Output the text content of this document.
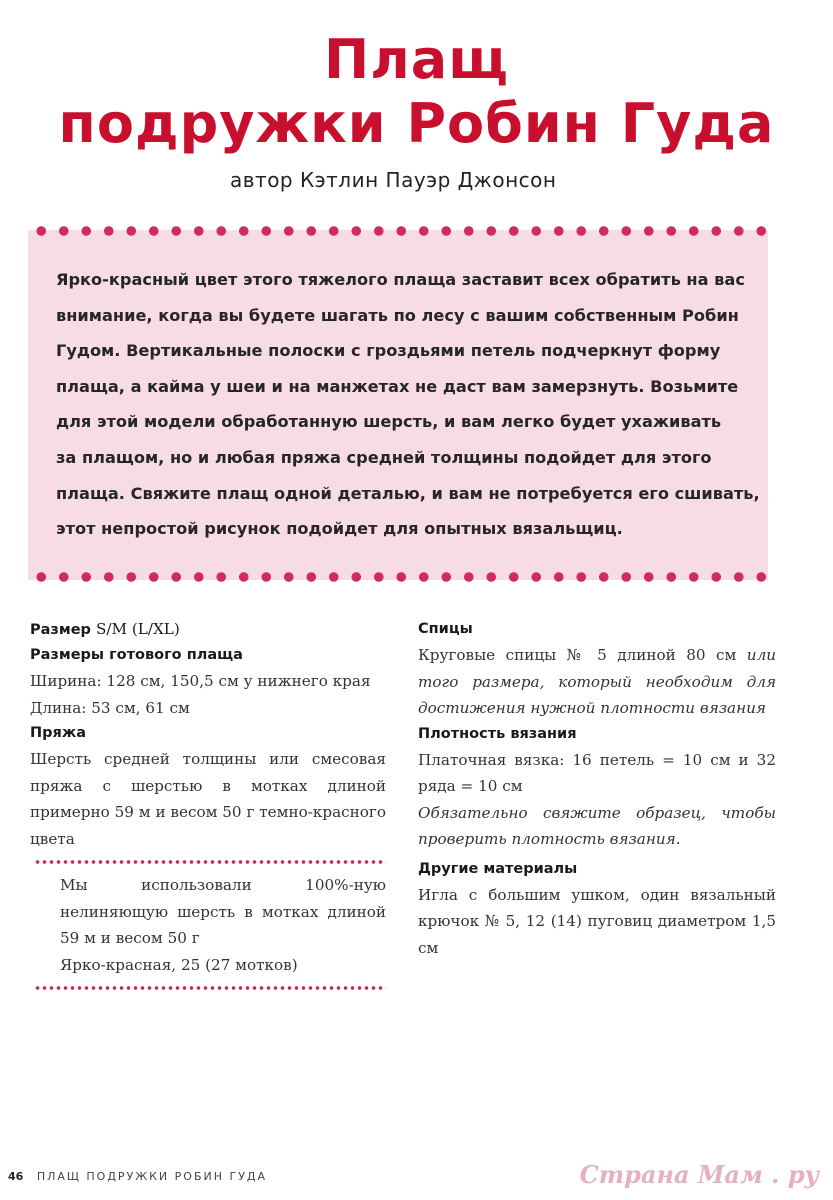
Плащ
подружки Робин Гуда
автор Кэтлин Пауэр Джонсон
Ярко-красный цвет этого тяжелого плаща заставит всех обратить на вас
внимание, когда вы будете шагать по лесу с вашим собственным Робин
Гудом. Вертикальные полоски с гроздьями петель подчеркнут форму
плаща, а кайма у шеи и на манжетах не даст вам замерзнуть. Возьмите
для этой модели обработанную шерсть, и вам легко будет ухаживать
за плащом, но и любая пряжа средней толщины подойдет для этого
плаща. Свяжите плащ одной деталью, и вам не потребуется его сшивать,
этот непростой рисунок подойдет для опытных вязальщиц.
Размер S/M (L/XL)
Размеры готового плаща
Ширина: 128 см, 150,5 см у нижнего края
Длина: 53 см, 61 см
Пряжа
Шерсть средней толщины или смесовая пряжа с шерстью в мотках длиной примерно 59 м и весом 50 г темно-красного цвета
Мы использовали 100%-ную нелиняющую шерсть в мотках длиной 59 м и весом 50 г
Ярко-красная, 25 (27 мотков)
Спицы
Круговые спицы № 5 длиной 80 см или того размера, который необходим для достижения нужной плотности вязания
Плотность вязания
Платочная вязка: 16 петель = 10 см и 32 ряда = 10 см
Обязательно свяжите образец, чтобы проверить плотность вязания.
Другие материалы
Игла с большим ушком, один вязальный крючок № 5, 12 (14) пуговиц диаметром 1,5 см
46 ПЛАЩ ПОДРУЖКИ РОБИН ГУДА	Страна Мам . ру
